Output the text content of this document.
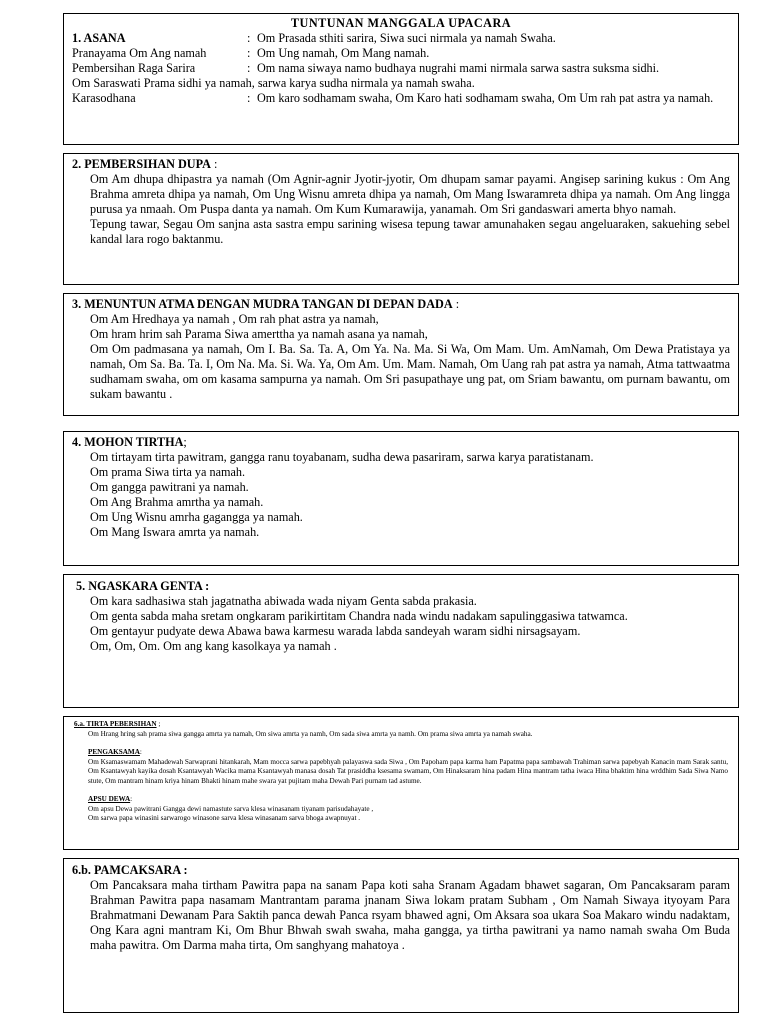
TUNTUNAN MANGGALA UPACARA
1. ASANA	: Om Prasada sthiti sarira, Siwa suci nirmala ya namah Swaha.
Pranayama Om Ang namah	: Om Ung namah, Om Mang namah.
Pembersihan Raga Sarira	: Om nama siwaya namo budhaya nugrahi mami nirmala sarwa sastra suksma sidhi.
Om Saraswati Prama sidhi ya namah, sarwa karya sudha nirmala ya namah swaha.
Karasodhana	: Om karo sodhamam swaha, Om Karo hati sodhamam swaha, Om Um rah pat astra ya namah.
2. PEMBERSIHAN DUPA :

Om Am dhupa dhipastra ya namah (Om Agnir-agnir Jyotir-jyotir, Om dhupam samar payami. Angisep sarining kukus : Om Ang Brahma amreta dhipa ya namah, Om Ung Wisnu amreta dhipa ya namah, Om Mang Iswaramreta dhipa ya namah. Om Ang lingga purusa ya nmaah. Om Puspa danta ya namah. Om Kum Kumarawija, yanamah. Om Sri gandaswari amerta bhyo namah.

Tepung tawar, Segau Om sanjna asta sastra empu sarining wisesa tepung tawar amunahaken segau angeluaraken, sakuehing sebel kandal lara rogo baktanmu.

3. MENUNTUN ATMA DENGAN MUDRA TANGAN DI DEPAN DADA :

Om Am Hredhaya ya namah , Om rah phat astra ya namah,

Om hram hrim sah Parama Siwa amerttha ya namah asana ya namah,

Om Om padmasana ya namah, Om I. Ba. Sa. Ta. A, Om Ya. Na. Ma. Si Wa, Om Mam. Um. AmNamah, Om Dewa Pratistaya ya namah, Om Sa. Ba. Ta. I, Om Na. Ma. Si. Wa. Ya, Om Am. Um. Mam. Namah, Om Uang rah pat astra ya namah, Atma tattwaatma sudhamam swaha, om om kasama sampurna ya namah. Om Sri pasupathaye ung pat, om Sriam bawantu, om purnam bawantu, om sukam bawantu .

4. MOHON TIRTHA;

Om tirtayam tirta pawitram, gangga ranu toyabanam, sudha dewa pasariram, sarwa karya paratistanam.

Om prama Siwa tirta ya namah.

Om gangga pawitrani ya namah.

Om Ang Brahma amrtha ya namah.

Om Ung Wisnu amrha gagangga ya namah.

Om Mang Iswara amrta ya namah.

5. NGASKARA GENTA :

Om kara sadhasiwa stah jagatnatha abiwada wada niyam Genta sabda prakasia.

Om genta sabda maha sretam ongkaram parikirtitam Chandra nada windu nadakam sapulinggasiwa tatwamca.

Om gentayur pudyate dewa Abawa bawa karmesu warada labda sandeyah waram sidhi nirsagsayam.

Om, Om, Om. Om ang kang kasolkaya ya namah .

6.a. TIRTA PEBERSIHAN ;

Om Hrang hring sah prama siwa gangga amrta ya namah, Om siwa amrta ya namh, Om sada siwa amrta ya namh. Om prama siwa amrta ya namah swaha.

PENGAKSAMA:

Om Ksamaswamam Mahadewah Sarwaprani hitankarah, Mam mocca sarwa papebhyah palayaswa sada Siwa , Om Papoham papa karma ham Papatma papa sambawah Trahiman sarwa papebyah Kanacin mam Sarak santu, Om Ksantawyah kayika dosah Ksantawyah Wacika mama Ksantawyah manasa dosah Tat prasiddha ksesama swamam, Om Hinaksaram hina padam Hina mantram tatha iwaca Hina bhaktim hina wrddhim Sada Siwa Namo stute, Om mantram hinam kriya hinam Bhakti hinam mahe swara yat pujitam maha Dewah Pari purnam tad astume.

APSU DEWA:

Om apsu Dewa pawitrani Gangga dewi namastute sarva klesa winasanam tiyanam parisudahayate ,

Om sarwa papa winasini sarwarogo winasone sarva klesa winasanam sarva bhoga awapnuyat .

6.b. PAMCAKSARA :

Om Pancaksara maha tirtham Pawitra papa na sanam Papa koti saha Sranam Agadam bhawet sagaran, Om Pancaksaram param Brahman Pawitra papa nasamam Mantrantam parama jnanam Siwa lokam pratam Subham , Om Namah Siwaya ityoyam Para Brahmatmani Dewanam Para Saktih panca dewah Panca rsyam bhawed agni, Om Aksara soa ukara Soa Makaro windu nadaktam, Ong Kara agni mantram Ki, Om Bhur Bhwah swah swaha, maha gangga, ya tirtha pawitrani ya namo namah swaha Om Buda maha pawitra. Om Darma maha tirta, Om sanghyang mahatoya .
